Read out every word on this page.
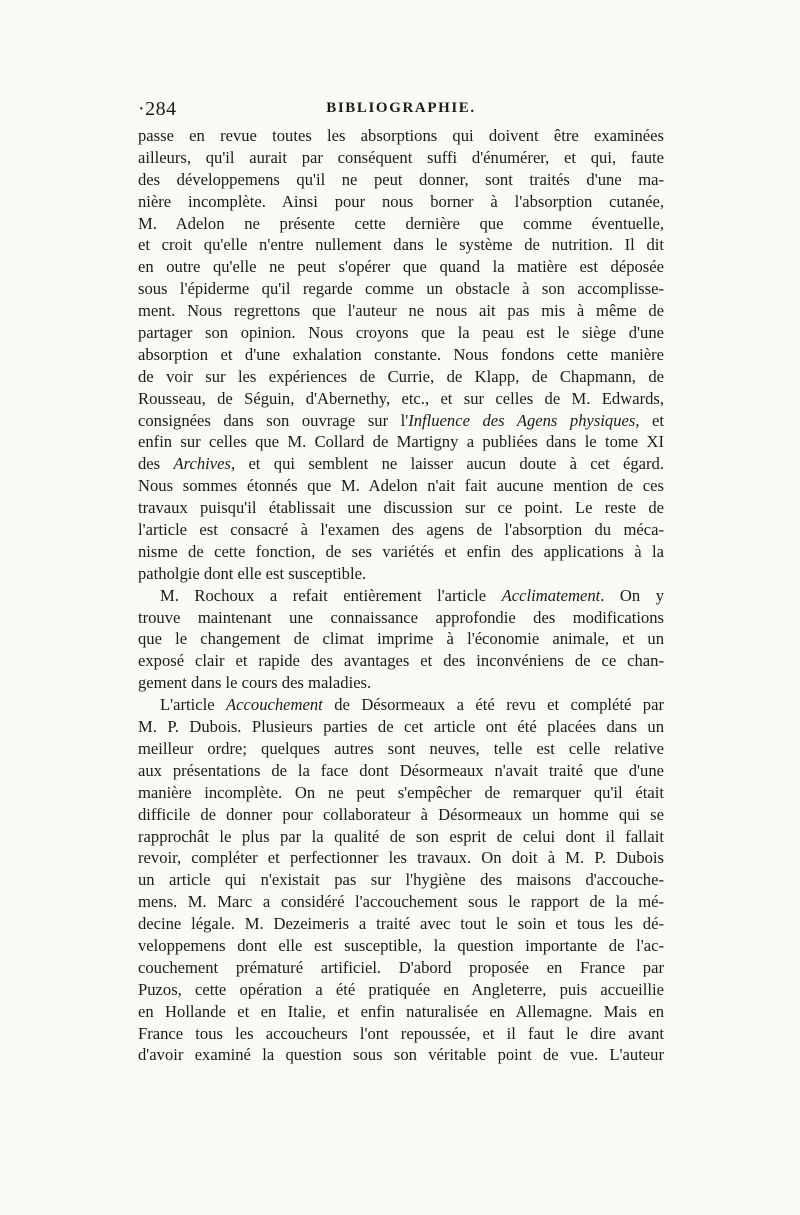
·284	BIBLIOGRAPHIE.
passe en revue toutes les absorptions qui doivent être examinées
ailleurs, qu'il aurait par conséquent suffi d'énumérer, et qui, faute
des développemens qu'il ne peut donner, sont traités d'une ma-
nière incomplète. Ainsi pour nous borner à l'absorption cutanée,
M. Adelon ne présente cette dernière que comme éventuelle,
et croit qu'elle n'entre nullement dans le système de nutrition. Il dit
en outre qu'elle ne peut s'opérer que quand la matière est déposée
sous l'épiderme qu'il regarde comme un obstacle à son accomplisse-
ment. Nous regrettons que l'auteur ne nous ait pas mis à même de
partager son opinion. Nous croyons que la peau est le siège d'une
absorption et d'une exhalation constante. Nous fondons cette manière
de voir sur les expériences de Currie, de Klapp, de Chapmann, de
Rousseau, de Séguin, d'Abernethy, etc., et sur celles de M. Edwards,
consignées dans son ouvrage sur l'Influence des Agens physiques, et
enfin sur celles que M. Collard de Martigny a publiées dans le tome XI
des Archives, et qui semblent ne laisser aucun doute à cet égard.
Nous sommes étonnés que M. Adelon n'ait fait aucune mention de ces
travaux puisqu'il établissait une discussion sur ce point. Le reste de
l'article est consacré à l'examen des agens de l'absorption du méca-
nisme de cette fonction, de ses variétés et enfin des applications à la
patholgie dont elle est susceptible.
M. Rochoux a refait entièrement l'article Acclimatement. On y
trouve maintenant une connaissance approfondie des modifications
que le changement de climat imprime à l'économie animale, et un
exposé clair et rapide des avantages et des inconvéniens de ce chan-
gement dans le cours des maladies.
L'article Accouchement de Désormeaux a été revu et complété par
M. P. Dubois. Plusieurs parties de cet article ont été placées dans un
meilleur ordre; quelques autres sont neuves, telle est celle relative
aux présentations de la face dont Désormeaux n'avait traité que d'une
manière incomplète. On ne peut s'empêcher de remarquer qu'il était
difficile de donner pour collaborateur à Désormeaux un homme qui se
rapprochât le plus par la qualité de son esprit de celui dont il fallait
revoir, compléter et perfectionner les travaux. On doit à M. P. Dubois
un article qui n'existait pas sur l'hygiène des maisons d'accouche-
mens. M. Marc a considéré l'accouchement sous le rapport de la mé-
decine légale. M. Dezeimeris a traité avec tout le soin et tous les dé-
veloppemens dont elle est susceptible, la question importante de l'ac-
couchement prématuré artificiel. D'abord proposée en France par
Puzos, cette opération a été pratiquée en Angleterre, puis accueillie
en Hollande et en Italie, et enfin naturalisée en Allemagne. Mais en
France tous les accoucheurs l'ont repoussée, et il faut le dire avant
d'avoir examiné la question sous son véritable point de vue. L'auteur
